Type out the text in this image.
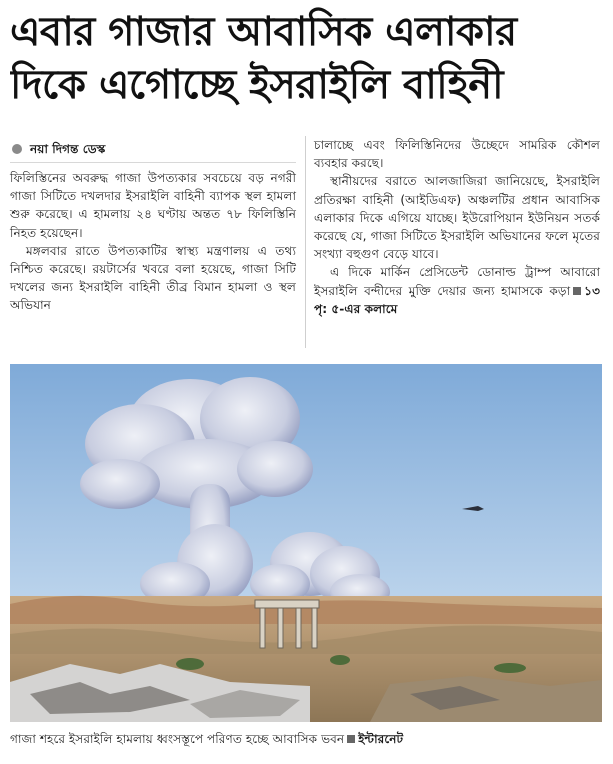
এবার গাজার আবাসিক এলাকার
দিকে এগোচ্ছে ইসরাইলি বাহিনী
নয়া দিগন্ত ডেস্ক

ফিলিস্তিনের অবরুদ্ধ গাজা উপত্যকার সবচেয়ে বড় নগরী গাজা সিটিতে দখলদার ইসরাইলি বাহিনী ব্যাপক স্থল হামলা শুরু করেছে। এ হামলায় ২৪ ঘণ্টায় অন্তত ৭৮ ফিলিস্তিনি নিহত হয়েছেন।

মঙ্গলবার রাতে উপত্যকাটির স্বাস্থ্য মন্ত্রণালয় এ তথ্য নিশ্চিত করেছে। রয়টার্সের খবরে বলা হয়েছে, গাজা সিটি দখলের জন্য ইসরাইলি বাহিনী তীব্র বিমান হামলা ও স্থল অভিযান

চালাচ্ছে এবং ফিলিস্তিনিদের উচ্ছেদে সামরিক কৌশল ব্যবহার করছে।

স্থানীয়দের বরাতে আলজাজিরা জানিয়েছে, ইসরাইলি প্রতিরক্ষা বাহিনী (আইডিএফ) অঞ্চলটির প্রধান আবাসিক এলাকার দিকে এগিয়ে যাচ্ছে। ইউরোপিয়ান ইউনিয়ন সতর্ক করেছে যে, গাজা সিটিতে ইসরাইলি অভিযানের ফলে মৃতের সংখ্যা বহুগুণ বেড়ে যাবে।

এ দিকে মার্কিন প্রেসিডেন্ট ডোনাল্ড ট্রাম্প আবারো ইসরাইলি বন্দীদের মুক্তি দেয়ার জন্য হামাসকে কড়া ১৩ পৃ: ৫-এর কলামে

গাজা শহরে ইসরাইলি হামলায় ধ্বংসস্তূপে পরিণত হচ্ছে আবাসিক ভবন ইন্টারনেট
